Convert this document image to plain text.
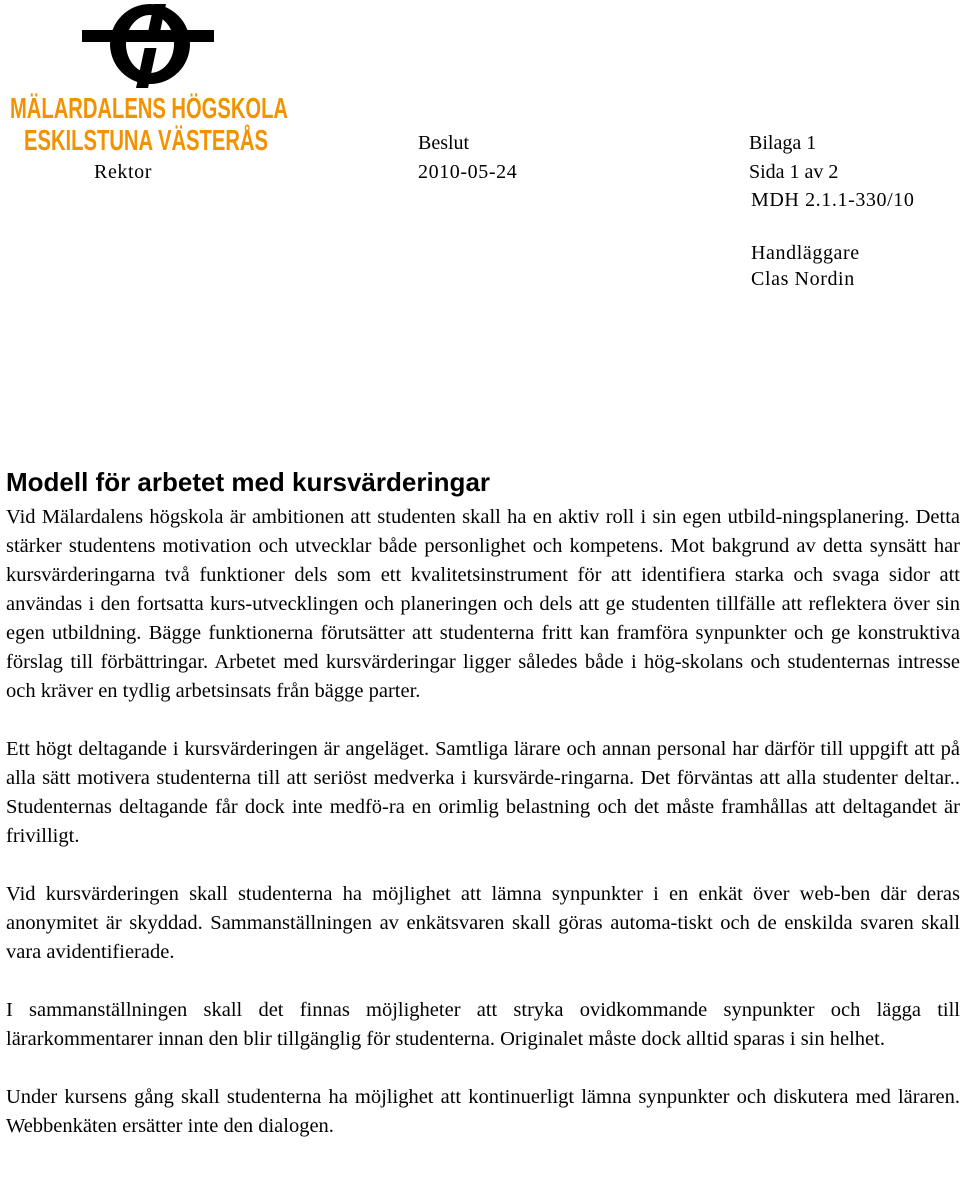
MÄLARDALENS HÖGSKOLA
ESKILSTUNA VÄSTERÅS Beslut	Bilaga 1
Rektor	2010-05-24	Sida 1 av 2
MDH 2.1.1-330/10
Handläggare
Clas Nordin
Modell för arbetet med kursvärderingar

Vid Mälardalens högskola är ambitionen att studenten skall ha en aktiv roll i sin egen utbild-ningsplanering. Detta stärker studentens motivation och utvecklar både personlighet och kompetens. Mot bakgrund av detta synsätt har kursvärderingarna två funktioner dels som ett kvalitetsinstrument för att identifiera starka och svaga sidor att användas i den fortsatta kurs-utvecklingen och planeringen och dels att ge studenten tillfälle att reflektera över sin egen utbildning. Bägge funktionerna förutsätter att studenterna fritt kan framföra synpunkter och ge konstruktiva förslag till förbättringar. Arbetet med kursvärderingar ligger således både i hög-skolans och studenternas intresse och kräver en tydlig arbetsinsats från bägge parter.

Ett högt deltagande i kursvärderingen är angeläget. Samtliga lärare och annan personal har därför till uppgift att på alla sätt motivera studenterna till att seriöst medverka i kursvärde-ringarna. Det förväntas att alla studenter deltar.. Studenternas deltagande får dock inte medfö-ra en orimlig belastning och det måste framhållas att deltagandet är frivilligt.

Vid kursvärderingen skall studenterna ha möjlighet att lämna synpunkter i en enkät över web-ben där deras anonymitet är skyddad. Sammanställningen av enkätsvaren skall göras automa-tiskt och de enskilda svaren skall vara avidentifierade.

I sammanställningen skall det finnas möjligheter att stryka ovidkommande synpunkter och lägga till lärarkommentarer innan den blir tillgänglig för studenterna. Originalet måste dock alltid sparas i sin helhet.

Under kursens gång skall studenterna ha möjlighet att kontinuerligt lämna synpunkter och diskutera med läraren. Webbenkäten ersätter inte den dialogen.
